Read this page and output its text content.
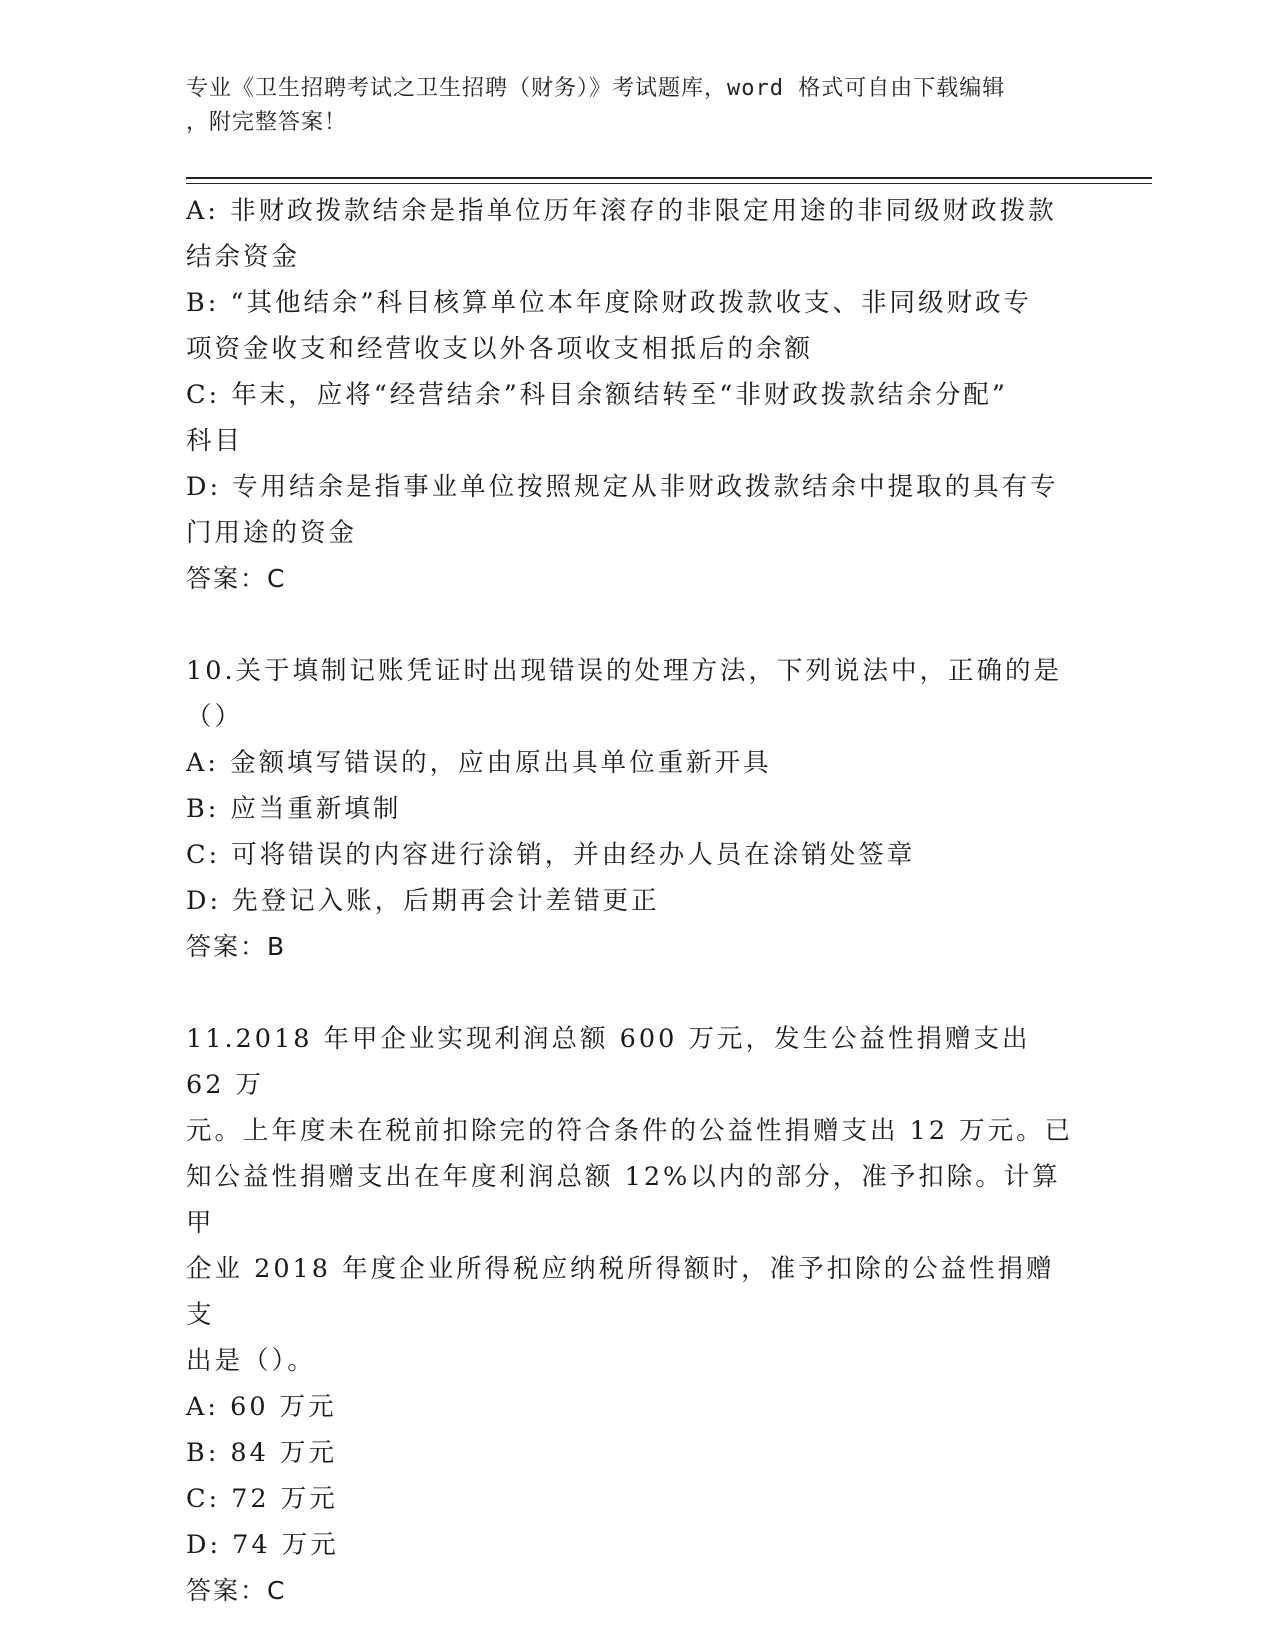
专业《卫生招聘考试之卫生招聘（财务）》考试题库，word 格式可自由下载编辑
，附完整答案！
A: 非财政拨款结余是指单位历年滚存的非限定用途的非同级财政拨款
结余资金
B: “其他结余”科目核算单位本年度除财政拨款收支、非同级财政专
项资金收支和经营收支以外各项收支相抵后的余额
C: 年末，应将“经营结余”科目余额结转至“非财政拨款结余分配”
科目
D: 专用结余是指事业单位按照规定从非财政拨款结余中提取的具有专
门用途的资金
答案：C
10.关于填制记账凭证时出现错误的处理方法，下列说法中，正确的是
（）
A: 金额填写错误的，应由原出具单位重新开具
B: 应当重新填制
C: 可将错误的内容进行涂销，并由经办人员在涂销处签章
D: 先登记入账，后期再会计差错更正
答案：B
11.2018 年甲企业实现利润总额 600 万元，发生公益性捐赠支出 62 万
元。上年度未在税前扣除完的符合条件的公益性捐赠支出 12 万元。已
知公益性捐赠支出在年度利润总额 12%以内的部分，准予扣除。计算甲
企业 2018 年度企业所得税应纳税所得额时，准予扣除的公益性捐赠支
出是（）。
A: 60 万元
B: 84 万元
C: 72 万元
D: 74 万元
答案：C
